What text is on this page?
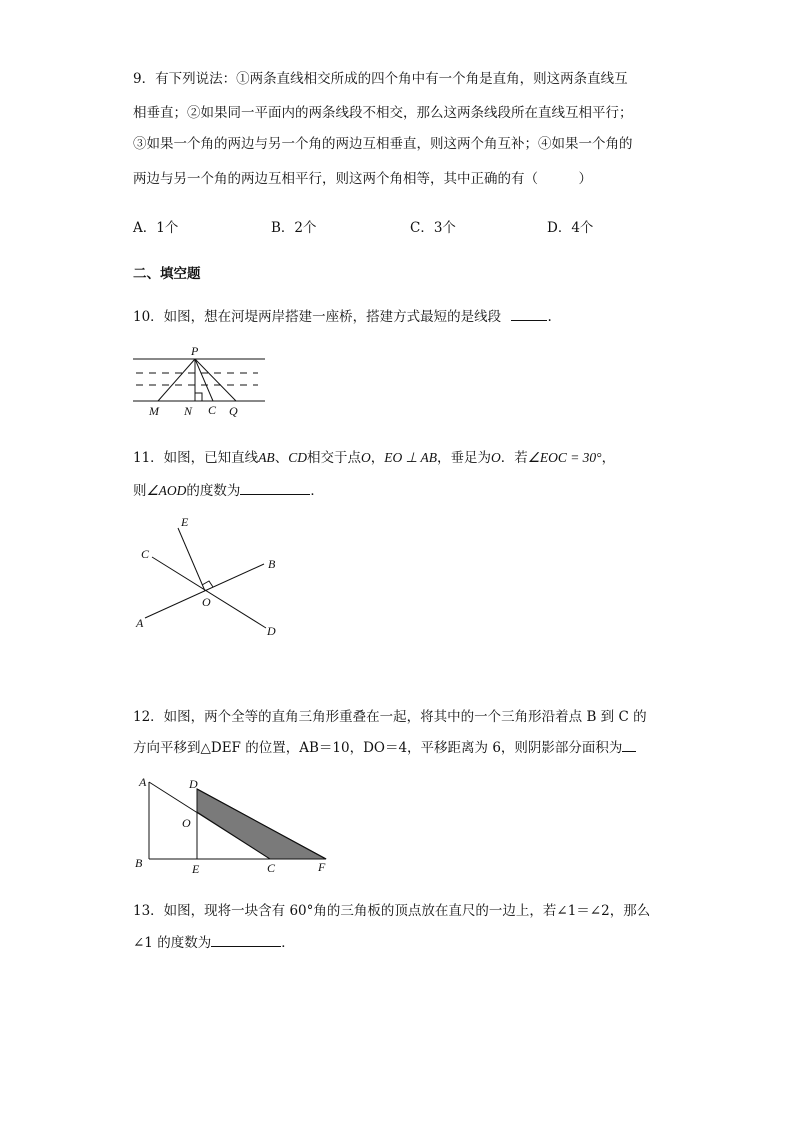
9．有下列说法：①两条直线相交所成的四个角中有一个角是直角，则这两条直线互
相垂直；②如果同一平面内的两条线段不相交，那么这两条线段所在直线互相平行；
③如果一个角的两边与另一个角的两边互相垂直，则这两个角互补；④如果一个角的
两边与另一个角的两边互相平行，则这两个角相等，其中正确的有（　　　）
A．1个	B．2个	C．3个	D．4个
二、填空题
10．如图，想在河堤两岸搭建一座桥，搭建方式最短的是线段	.
P
M N C Q
11．如图，已知直线AB、CD相交于点O，EO ⊥ AB，垂足为O．若∠EOC = 30°，
则∠AOD的度数为	．
E
C
B
O
A
D
12．如图，两个全等的直角三角形重叠在一起，将其中的一个三角形沿着点 B 到 C 的
方向平移到△DEF 的位置，AB＝10，DO＝4，平移距离为 6，则阴影部分面积为
A	D
O
B	E	C	F
13．如图，现将一块含有 60°角的三角板的顶点放在直尺的一边上，若∠1＝∠2，那么
∠1 的度数为	．
